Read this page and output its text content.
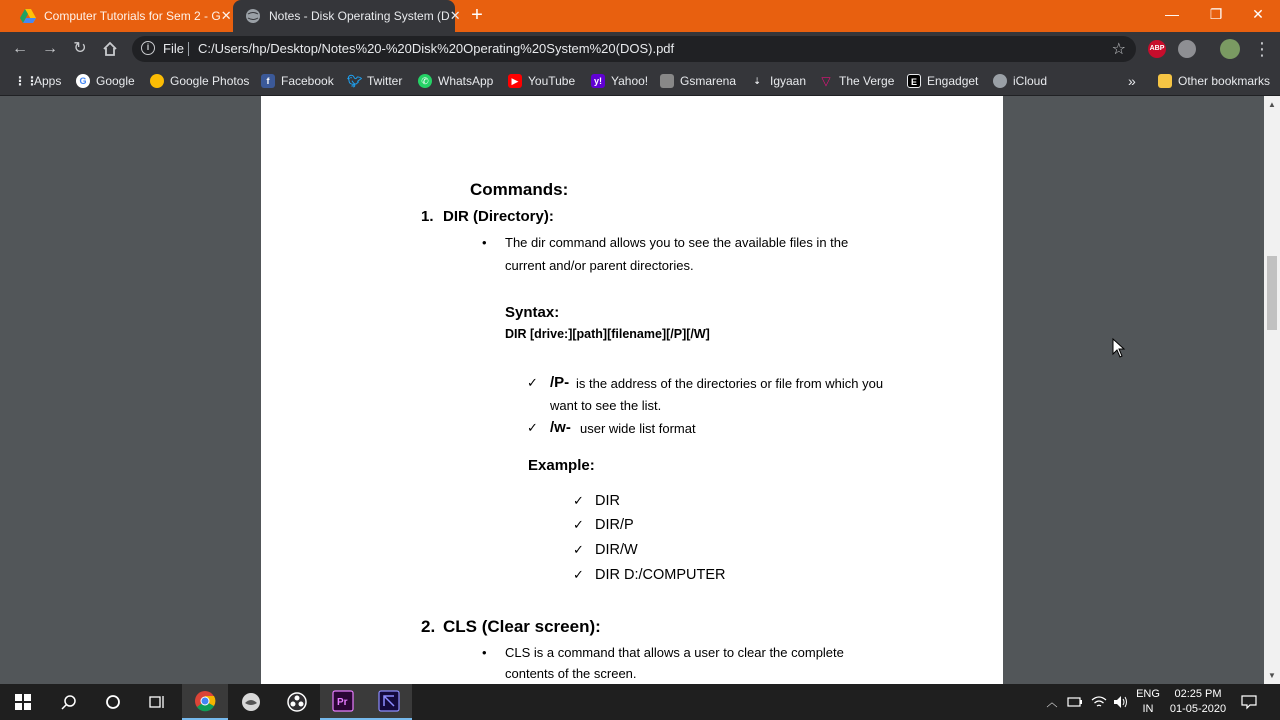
Computer Tutorials for Sem 2 - G ✕	Notes - Disk Operating System (D ✕ +	—	❐	✕
← → ↻	i	File C:/Users/hp/Desktop/Notes%20-%20Disk%20Operating%20System%20(DOS).pdf	☆	ABP	⋮
⋮⋮
Apps	G Google	Google Photos	f Facebook 🐦︎ Twitter	✆ WhatsApp	▶ YouTube	y! Yahoo!	Gsmarena	⇣ Igyaan ▽ The Verge	E Engadget	iCloud	»	Other bookmarks
Commands:
1. DIR (Directory):
• The dir command allows you to see the available files in the
current and/or parent directories.
Syntax:
DIR [drive:][path][filename][/P][/W]
✓ /P- is the address of the directories or file from which you
want to see the list.
✓ /w- user wide list format
Example:
✓ DIR
✓ DIR/P
✓ DIR/W
✓ DIR D:/COMPUTER
2. CLS (Clear screen):
• CLS is a command that allows a user to clear the complete
contents of the screen.
▲
▼
Pr	︿
ENG
IN
02:25 PM
01-05-2020
